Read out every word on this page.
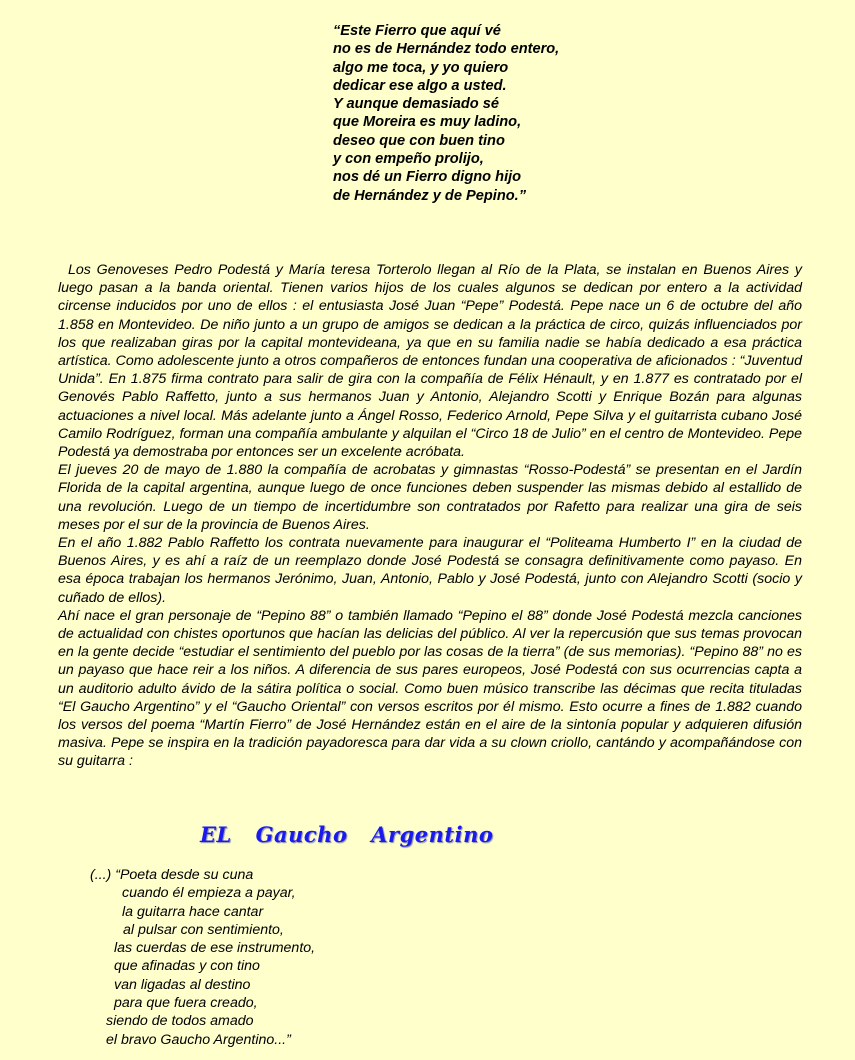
“Este Fierro que aquí vé
no es de Hernández todo entero,
algo me toca, y yo quiero
dedicar ese algo a usted.
Y aunque demasiado sé
que Moreira es muy ladino,
deseo que con buen tino
y con empeño prolijo,
nos dé un Fierro digno hijo
de Hernández y de Pepino.”

Los Genoveses Pedro Podestá y María teresa Torterolo llegan al Río de la Plata, se instalan en Buenos Aires y luego pasan a la banda oriental. Tienen varios hijos de los cuales algunos se dedican por entero a la actividad circense inducidos por uno de ellos : el entusiasta José Juan “Pepe” Podestá. Pepe nace un 6 de octubre del año 1.858 en Montevideo. De niño junto a un grupo de amigos se dedican a la práctica de circo, quizás influenciados por los que realizaban giras por la capital montevideana, ya que en su familia nadie se había dedicado a esa práctica artística. Como adolescente junto a otros compañeros de entonces fundan una cooperativa de aficionados : “Juventud Unida”. En 1.875 firma contrato para salir de gira con la compañía de Félix Hénault, y en 1.877 es contratado por el Genovés Pablo Raffetto, junto a sus hermanos Juan y Antonio, Alejandro Scotti y Enrique Bozán para algunas actuaciones a nivel local. Más adelante junto a Ángel Rosso, Federico Arnold, Pepe Silva y el guitarrista cubano José Camilo Rodríguez, forman una compañía ambulante y alquilan el “Circo 18 de Julio” en el centro de Montevideo. Pepe Podestá ya demostraba por entonces ser un excelente acróbata.

El jueves 20 de mayo de 1.880 la compañía de acrobatas y gimnastas “Rosso-Podestá” se presentan en el Jardín Florida de la capital argentina, aunque luego de once funciones deben suspender las mismas debido al estallido de una revolución. Luego de un tiempo de incertidumbre son contratados por Rafetto para realizar una gira de seis meses por el sur de la provincia de Buenos Aires.

En el año 1.882 Pablo Raffetto los contrata nuevamente para inaugurar el “Politeama Humberto I” en la ciudad de Buenos Aires, y es ahí a raíz de un reemplazo donde José Podestá se consagra definitivamente como payaso. En esa época trabajan los hermanos Jerónimo, Juan, Antonio, Pablo y José Podestá, junto con Alejandro Scotti (socio y cuñado de ellos).

Ahí nace el gran personaje de “Pepino 88” o también llamado “Pepino el 88” donde José Podestá mezcla canciones de actualidad con chistes oportunos que hacían las delicias del público. Al ver la repercusión que sus temas provocan en la gente decide “estudiar el sentimiento del pueblo por las cosas de la tierra” (de sus memorias). “Pepino 88” no es un payaso que hace reir a los niños. A diferencia de sus pares europeos, José Podestá con sus ocurrencias capta a un auditorio adulto ávido de la sátira política o social. Como buen músico transcribe las décimas que recita tituladas “El Gaucho Argentino” y el “Gaucho Oriental” con versos escritos por él mismo. Esto ocurre a fines de 1.882 cuando los versos del poema “Martín Fierro” de José Hernández están en el aire de la sintonía popular y adquieren difusión masiva. Pepe se inspira en la tradición payadoresca para dar vida a su clown criollo, cantándo y acompañándose con su guitarra :

EL Gaucho Argentino
(...) “Poeta desde su cuna
cuando él empieza a payar,
la guitarra hace cantar
al pulsar con sentimiento,
las cuerdas de ese instrumento,
que afinadas y con tino
van ligadas al destino
para que fuera creado,
siendo de todos amado
el bravo Gaucho Argentino...”
